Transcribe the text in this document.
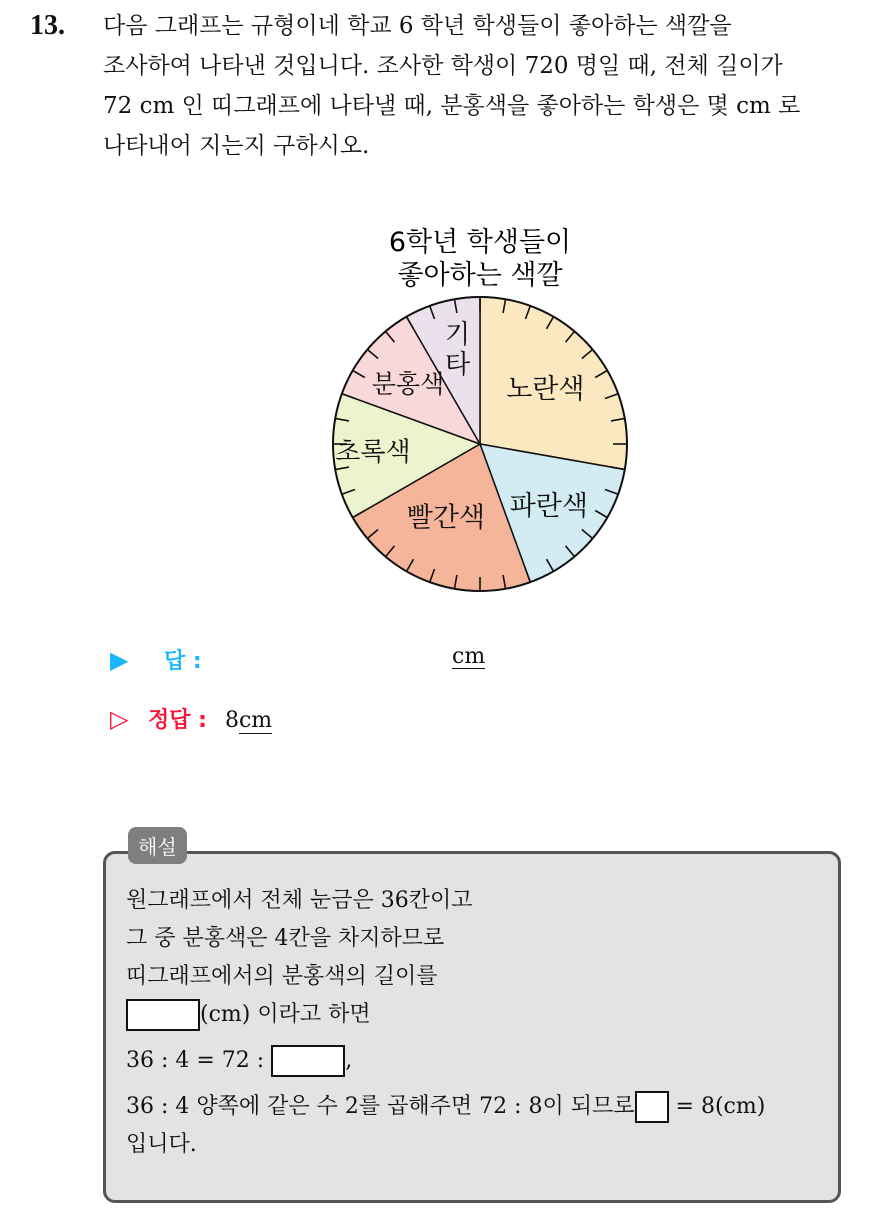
13. 다음 그래프는 규형이네 학교 6 학년 학생들이 좋아하는 색깔을
조사하여 나타낸 것입니다. 조사한 학생이 720 명일 때, 전체 길이가
72 cm 인 띠그래프에 나타낼 때, 분홍색을 좋아하는 학생은 몇 cm 로
나타내어 지는지 구하시오.
6학년 학생들이
좋아하는 색깔
노란색
파란색
빨간색
초록색
분홍색
기 타
▶ 답 :	cm
▷ 정답 : 8cm
해설
원그래프에서 전체 눈금은 36칸이고
그 중 분홍색은 4칸을 차지하므로
띠그래프에서의 분홍색의 길이를
(cm) 이라고 하면
36 : 4 = 72 :	,
36 : 4 양쪽에 같은 수 2를 곱해주면 72 : 8이 되므로 = 8(cm)
입니다.
